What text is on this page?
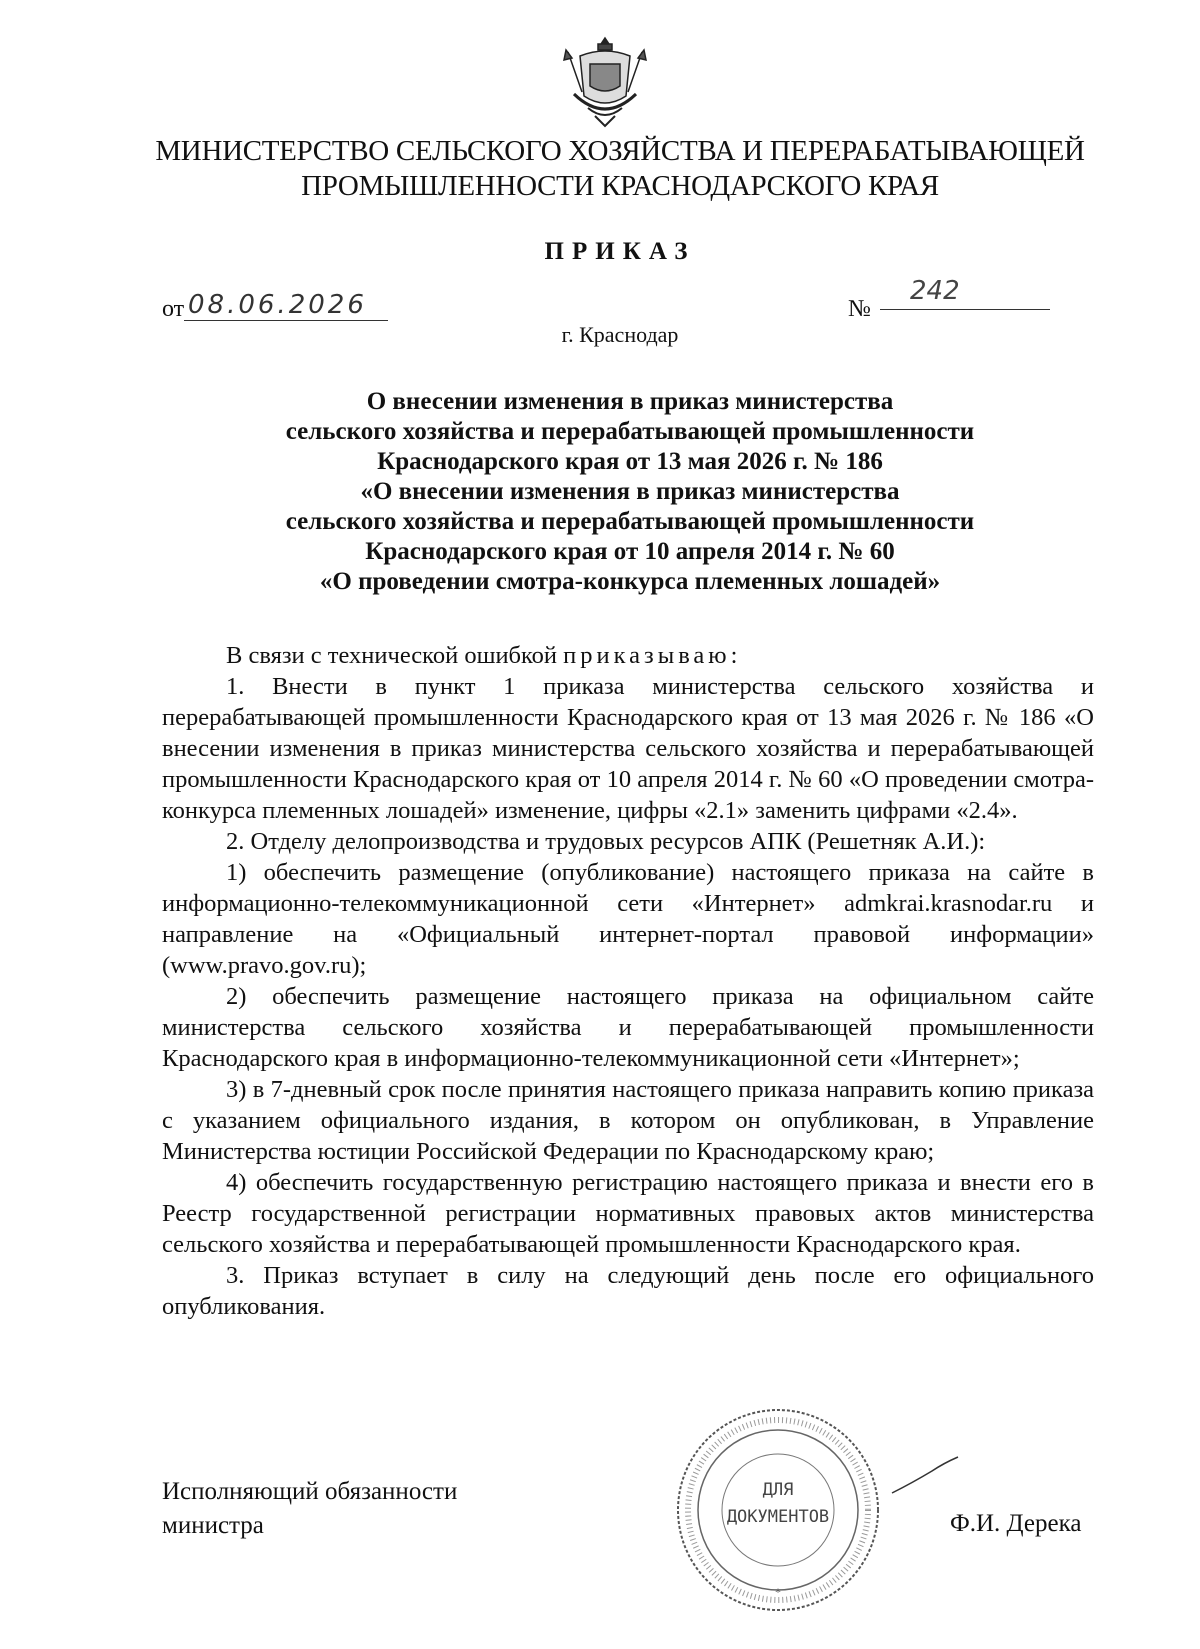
МИНИСТЕРСТВО СЕЛЬСКОГО ХОЗЯЙСТВА И ПЕРЕРАБАТЫВАЮЩЕЙ
ПРОМЫШЛЕННОСТИ КРАСНОДАРСКОГО КРАЯ
ПРИКАЗ
от 08.06.2026	№
242
г. Краснодар
О внесении изменения в приказ министерства
сельского хозяйства и перерабатывающей промышленности
Краснодарского края от 13 мая 2026 г. № 186
«О внесении изменения в приказ министерства
сельского хозяйства и перерабатывающей промышленности
Краснодарского края от 10 апреля 2014 г. № 60
«О проведении смотра-конкурса племенных лошадей»

В связи с технической ошибкой приказываю:

1. Внести в пункт 1 приказа министерства сельского хозяйства и перерабатывающей промышленности Краснодарского края от 13 мая 2026 г. № 186 «О внесении изменения в приказ министерства сельского хозяйства и перерабатывающей промышленности Краснодарского края от 10 апреля 2014 г. № 60 «О проведении смотра-конкурса племенных лошадей» изменение, цифры «2.1» заменить цифрами «2.4».

2. Отделу делопроизводства и трудовых ресурсов АПК (Решетняк А.И.):

1) обеспечить размещение (опубликование) настоящего приказа на сайте в информационно-телекоммуникационной сети «Интернет» admkrai.krasnodar.ru и направление на «Официальный интернет-портал правовой информации» (www.pravo.gov.ru);

2) обеспечить размещение настоящего приказа на официальном сайте министерства сельского хозяйства и перерабатывающей промышленности Краснодарского края в информационно-телекоммуникационной сети «Интернет»;

3) в 7-дневный срок после принятия настоящего приказа направить копию приказа с указанием официального издания, в котором он опубликован, в Управление Министерства юстиции Российской Федерации по Краснодарскому краю;

4) обеспечить государственную регистрацию настоящего приказа и внести его в Реестр государственной регистрации нормативных правовых актов министерства сельского хозяйства и перерабатывающей промышленности Краснодарского края.

3. Приказ вступает в силу на следующий день после его официального опубликования.

Исполняющий обязанности
министра
ДЛЯ
ДОКУМЕНТОВ
*
Ф.И. Дерека
